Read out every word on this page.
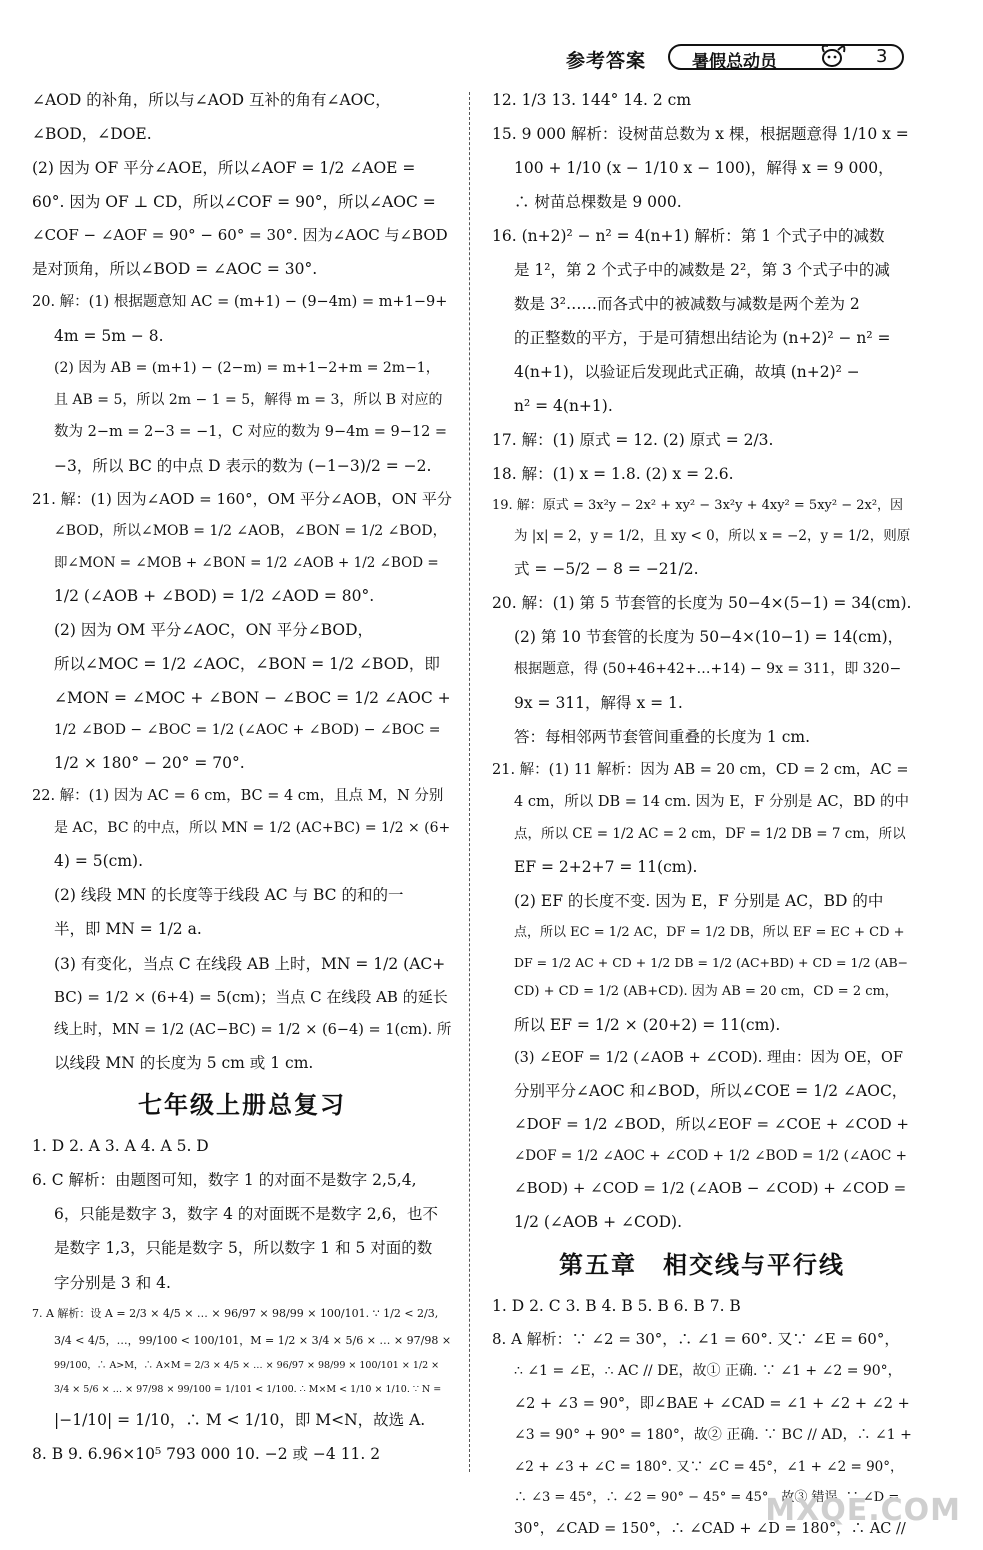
参考答案	暑假总动员	3
∠AOD 的补角，所以与∠AOD 互补的角有∠AOC，
∠BOD，∠DOE.
(2) 因为 OF 平分∠AOE，所以∠AOF = 1/2 ∠AOE =
60°. 因为 OF ⊥ CD，所以∠COF = 90°，所以∠AOC =
∠COF − ∠AOF = 90° − 60° = 30°. 因为∠AOC 与∠BOD
是对顶角，所以∠BOD = ∠AOC = 30°.
20. 解：(1) 根据题意知 AC = (m+1) − (9−4m) = m+1−9+
4m = 5m − 8.
(2) 因为 AB = (m+1) − (2−m) = m+1−2+m = 2m−1，
且 AB = 5，所以 2m − 1 = 5，解得 m = 3，所以 B 对应的
数为 2−m = 2−3 = −1，C 对应的数为 9−4m = 9−12 =
−3，所以 BC 的中点 D 表示的数为 (−1−3)/2 = −2.
21. 解：(1) 因为∠AOD = 160°，OM 平分∠AOB，ON 平分
∠BOD，所以∠MOB = 1/2 ∠AOB，∠BON = 1/2 ∠BOD，
即∠MON = ∠MOB + ∠BON = 1/2 ∠AOB + 1/2 ∠BOD =
1/2 (∠AOB + ∠BOD) = 1/2 ∠AOD = 80°.
(2) 因为 OM 平分∠AOC，ON 平分∠BOD，
所以∠MOC = 1/2 ∠AOC，∠BON = 1/2 ∠BOD，即
∠MON = ∠MOC + ∠BON − ∠BOC = 1/2 ∠AOC +
1/2 ∠BOD − ∠BOC = 1/2 (∠AOC + ∠BOD) − ∠BOC =
1/2 × 180° − 20° = 70°.
22. 解：(1) 因为 AC = 6 cm，BC = 4 cm，且点 M，N 分别
是 AC，BC 的中点，所以 MN = 1/2 (AC+BC) = 1/2 × (6+
4) = 5(cm).
(2) 线段 MN 的长度等于线段 AC 与 BC 的和的一
半，即 MN = 1/2 a.
(3) 有变化，当点 C 在线段 AB 上时，MN = 1/2 (AC+
BC) = 1/2 × (6+4) = 5(cm)；当点 C 在线段 AB 的延长
线上时，MN = 1/2 (AC−BC) = 1/2 × (6−4) = 1(cm). 所
以线段 MN 的长度为 5 cm 或 1 cm.
七年级上册总复习
1. D 2. A 3. A 4. A 5. D
6. C 解析：由题图可知，数字 1 的对面不是数字 2,5,4,
6，只能是数字 3，数字 4 的对面既不是数字 2,6，也不
是数字 1,3，只能是数字 5，所以数字 1 和 5 对面的数
字分别是 3 和 4.
7. A 解析：设 A = 2/3 × 4/5 × … × 96/97 × 98/99 × 100/101. ∵ 1/2 < 2/3,
3/4 < 4/5，…，99/100 < 100/101，M = 1/2 × 3/4 × 5/6 × … × 97/98 ×
99/100，∴ A>M，∴ A×M = 2/3 × 4/5 × … × 96/97 × 98/99 × 100/101 × 1/2 ×
3/4 × 5/6 × … × 97/98 × 99/100 = 1/101 < 1/100. ∴ M×M < 1/10 × 1/10. ∵ N =
|−1/10| = 1/10，∴ M < 1/10，即 M<N，故选 A.
8. B 9. 6.96×10⁵ 793 000 10. −2 或 −4 11. 2
12. 1/3 13. 144° 14. 2 cm
15. 9 000 解析：设树苗总数为 x 棵，根据题意得 1/10 x =
100 + 1/10 (x − 1/10 x − 100)，解得 x = 9 000，
∴ 树苗总棵数是 9 000.
16. (n+2)² − n² = 4(n+1) 解析：第 1 个式子中的减数
是 1²，第 2 个式子中的减数是 2²，第 3 个式子中的减
数是 3²……而各式中的被减数与减数是两个差为 2
的正整数的平方，于是可猜想出结论为 (n+2)² − n² =
4(n+1)，以验证后发现此式正确，故填 (n+2)² −
n² = 4(n+1).
17. 解：(1) 原式 = 12. (2) 原式 = 2/3.
18. 解：(1) x = 1.8. (2) x = 2.6.
19. 解：原式 = 3x²y − 2x² + xy² − 3x²y + 4xy² = 5xy² − 2x²，因
为 |x| = 2，y = 1/2，且 xy < 0，所以 x = −2，y = 1/2，则原
式 = −5/2 − 8 = −21/2.
20. 解：(1) 第 5 节套管的长度为 50−4×(5−1) = 34(cm).
(2) 第 10 节套管的长度为 50−4×(10−1) = 14(cm)，
根据题意，得 (50+46+42+…+14) − 9x = 311，即 320−
9x = 311，解得 x = 1.
答：每相邻两节套管间重叠的长度为 1 cm.
21. 解：(1) 11 解析：因为 AB = 20 cm，CD = 2 cm，AC =
4 cm，所以 DB = 14 cm. 因为 E，F 分别是 AC，BD 的中
点，所以 CE = 1/2 AC = 2 cm，DF = 1/2 DB = 7 cm，所以
EF = 2+2+7 = 11(cm).
(2) EF 的长度不变. 因为 E，F 分别是 AC，BD 的中
点，所以 EC = 1/2 AC，DF = 1/2 DB，所以 EF = EC + CD +
DF = 1/2 AC + CD + 1/2 DB = 1/2 (AC+BD) + CD = 1/2 (AB−
CD) + CD = 1/2 (AB+CD). 因为 AB = 20 cm，CD = 2 cm，
所以 EF = 1/2 × (20+2) = 11(cm).
(3) ∠EOF = 1/2 (∠AOB + ∠COD). 理由：因为 OE，OF
分别平分∠AOC 和∠BOD，所以∠COE = 1/2 ∠AOC，
∠DOF = 1/2 ∠BOD，所以∠EOF = ∠COE + ∠COD +
∠DOF = 1/2 ∠AOC + ∠COD + 1/2 ∠BOD = 1/2 (∠AOC +
∠BOD) + ∠COD = 1/2 (∠AOB − ∠COD) + ∠COD =
1/2 (∠AOB + ∠COD).
第五章　相交线与平行线
1. D 2. C 3. B 4. B 5. B 6. B 7. B
8. A 解析：∵ ∠2 = 30°，∴ ∠1 = 60°. 又∵ ∠E = 60°，
∴ ∠1 = ∠E，∴ AC // DE，故① 正确. ∵ ∠1 + ∠2 = 90°，
∠2 + ∠3 = 90°，即∠BAE + ∠CAD = ∠1 + ∠2 + ∠2 +
∠3 = 90° + 90° = 180°，故② 正确. ∵ BC // AD，∴ ∠1 +
∠2 + ∠3 + ∠C = 180°. 又∵ ∠C = 45°，∠1 + ∠2 = 90°，
∴ ∠3 = 45°，∴ ∠2 = 90° − 45° = 45°，故③ 错误. ∵ ∠D =
30°，∠CAD = 150°，∴ ∠CAD + ∠D = 180°，∴ AC //
MXQE.COM
